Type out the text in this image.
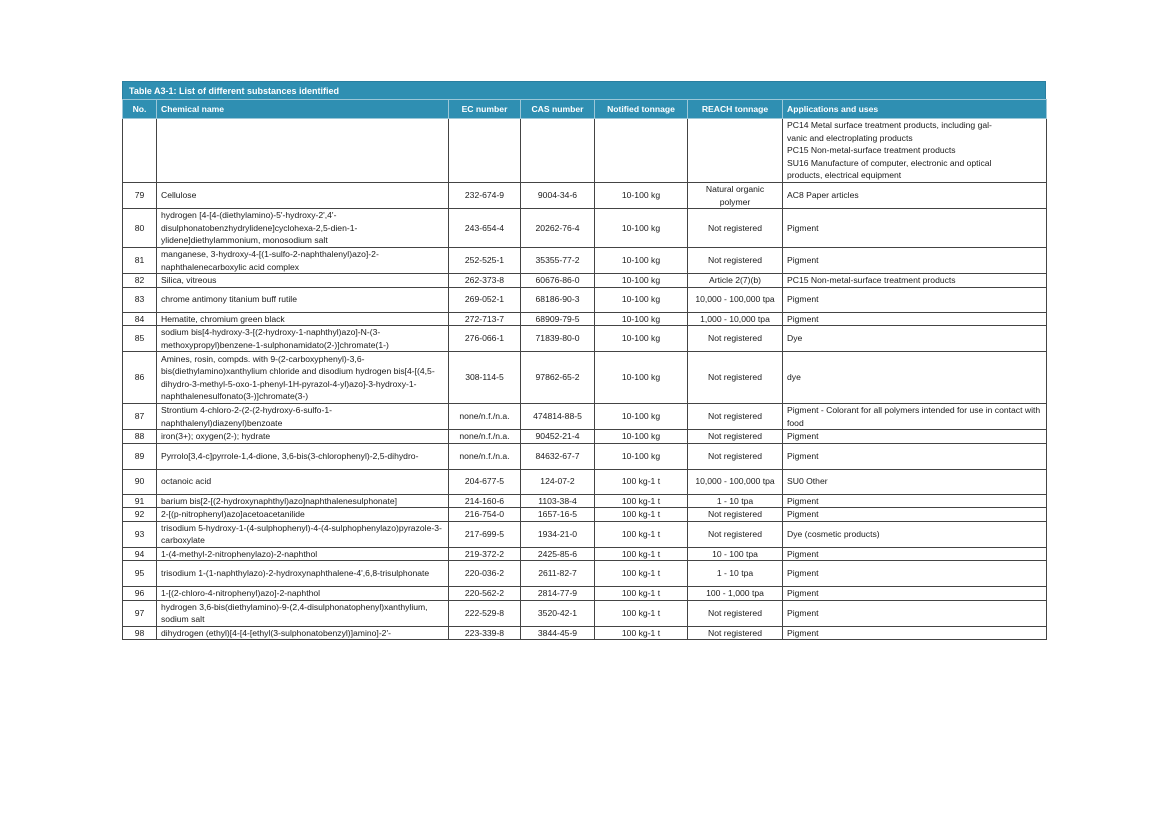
Table A3-1: List of different substances identified
No.	Chemical name	EC number	CAS number	Notified tonnage	REACH tonnage	Applications and uses

						PC14 Metal surface treatment products, including gal-
vanic and electroplating products
PC15 Non-metal-surface treatment products
SU16 Manufacture of computer, electronic and optical
products, electrical equipment

79	Cellulose	232-674-9	9004-34-6	10-100 kg	Natural organic polymer	AC8 Paper articles

80	hydrogen [4-[4-(diethylamino)-5'-hydroxy-2',4'-disulphonatobenzhydrylidene]cyclohexa-2,5-dien-1-ylidene]diethylammonium, monosodium salt	243-654-4	20262-76-4	10-100 kg	Not registered	Pigment

81	manganese, 3-hydroxy-4-[(1-sulfo-2-naphthalenyl)azo]-2-naphthalenecarboxylic acid complex	252-525-1	35355-77-2	10-100 kg	Not registered	Pigment

82	Silica, vitreous	262-373-8	60676-86-0	10-100 kg	Article 2(7)(b)	PC15 Non-metal-surface treatment products

83	chrome antimony titanium buff rutile	269-052-1	68186-90-3	10-100 kg	10,000 - 100,000 tpa	Pigment

84	Hematite, chromium green black	272-713-7	68909-79-5	10-100 kg	1,000 - 10,000 tpa	Pigment

85	sodium bis[4-hydroxy-3-[(2-hydroxy-1-naphthyl)azo]-N-(3-methoxypropyl)benzene-1-sulphonamidato(2-)]chromate(1-)	276-066-1	71839-80-0	10-100 kg	Not registered	Dye

86	Amines, rosin, compds. with 9-(2-carboxyphenyl)-3,6-bis(diethylamino)xanthylium chloride and disodium hydrogen bis[4-[(4,5-dihydro-3-methyl-5-oxo-1-phenyl-1H-pyrazol-4-yl)azo]-3-hydroxy-1-naphthalenesulfonato(3-)]chromate(3-)	308-114-5	97862-65-2	10-100 kg	Not registered	dye

87	Strontium 4-chloro-2-(2-(2-hydroxy-6-sulfo-1-naphthalenyl)diazenyl)benzoate	none/n.f./n.a.	474814-88-5	10-100 kg	Not registered	Pigment - Colorant for all polymers intended for use in contact with food

88	iron(3+); oxygen(2-); hydrate	none/n.f./n.a.	90452-21-4	10-100 kg	Not registered	Pigment

89	Pyrrolo[3,4-c]pyrrole-1,4-dione, 3,6-bis(3-chlorophenyl)-2,5-dihydro-	none/n.f./n.a.	84632-67-7	10-100 kg	Not registered	Pigment

90	octanoic acid	204-677-5	124-07-2	100 kg-1 t	10,000 - 100,000 tpa	SU0 Other

91	barium bis[2-[(2-hydroxynaphthyl)azo]naphthalenesulphonate]	214-160-6	1103-38-4	100 kg-1 t	1 - 10 tpa	Pigment

92	2-[(p-nitrophenyl)azo]acetoacetanilide	216-754-0	1657-16-5	100 kg-1 t	Not registered	Pigment

93	trisodium 5-hydroxy-1-(4-sulphophenyl)-4-(4-sulphophenylazo)pyrazole-3-carboxylate	217-699-5	1934-21-0	100 kg-1 t	Not registered	Dye (cosmetic products)

94	1-(4-methyl-2-nitrophenylazo)-2-naphthol	219-372-2	2425-85-6	100 kg-1 t	10 - 100 tpa	Pigment

95	trisodium 1-(1-naphthylazo)-2-hydroxynaphthalene-4',6,8-trisulphonate	220-036-2	2611-82-7	100 kg-1 t	1 - 10 tpa	Pigment

96	1-[(2-chloro-4-nitrophenyl)azo]-2-naphthol	220-562-2	2814-77-9	100 kg-1 t	100 - 1,000 tpa	Pigment

97	hydrogen 3,6-bis(diethylamino)-9-(2,4-disulphonatophenyl)xanthylium, sodium salt	222-529-8	3520-42-1	100 kg-1 t	Not registered	Pigment

98	dihydrogen (ethyl)[4-[4-[ethyl(3-sulphonatobenzyl)]amino]-2'-	223-339-8	3844-45-9	100 kg-1 t	Not registered	Pigment
